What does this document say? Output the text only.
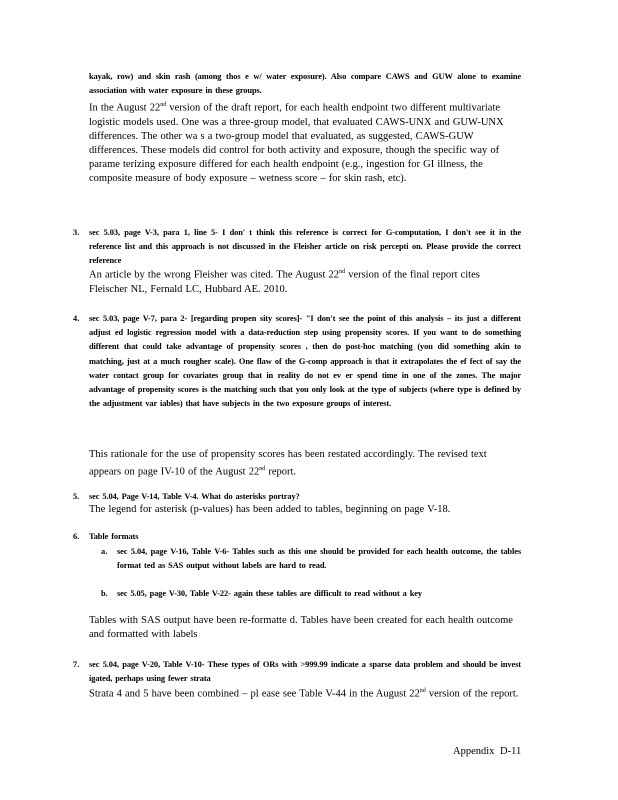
kayak, row) and skin rash (among thos e w/ water exposure). Also compare CAWS and GUW alone to examine association with water exposure in these groups.
In the August 22nd version of the draft report, for each health endpoint two different multivariate logistic models used. One was a three-group model, that evaluated CAWS-UNX and GUW-UNX differences. The other wa s a two-group model that evaluated, as suggested, CAWS-GUW differences. These models did control for both activity and exposure, though the specific way of parame terizing exposure differed for each health endpoint (e.g., ingestion for GI illness, the composite measure of body exposure – wetness score – for skin rash, etc).
3. sec 5.03, page V-3, para 1, line 5- I don' t think this reference is correct for G-computation, I don't see it in the reference list and this approach is not discussed in the Fleisher article on risk percepti on. Please provide the correct reference
An article by the wrong Fleisher was cited. The August 22nd version of the final report cites Fleischer NL, Fernald LC, Hubbard AE. 2010.
4. sec 5.03, page V-7, para 2- [regarding propen sity scores]- "I don't see the point of this analysis – its just a different adjust ed logistic regression model with a data-reduction step using propensity scores. If you want to do something different that could take advantage of propensity scores , then do post-hoc matching (you did something akin to matching, just at a much rougher scale). One flaw of the G-comp approach is that it extrapolates the ef fect of say the water contact group for covariates group that in reality do not ev er spend time in one of the zones. The major advantage of propensity scores is the matching such that you only look at the type of subjects (where type is defined by the adjustment var iables) that have subjects in the two exposure groups of interest.
This rationale for the use of propensity scores has been restated accordingly. The revised text appears on page IV-10 of the August 22nd report.
5. sec 5.04, Page V-14, Table V-4. What do asterisks portray?
The legend for asterisk (p-values) has been added to tables, beginning on page V-18.
6. Table formats
a. sec 5.04, page V-16, Table V-6- Tables such as this one should be provided for each health outcome, the tables format ted as SAS output without labels are hard to read.
b. sec 5.05, page V-30, Table V-22- again these tables are difficult to read without a key
Tables with SAS output have been re-formatte d. Tables have been created for each health outcome and formatted with labels
7. sec 5.04, page V-20, Table V-10- These types of ORs with >999.99 indicate a sparse data problem and should be invest igated, perhaps using fewer strata
Strata 4 and 5 have been combined – pl ease see Table V-44 in the August 22nd version of the report.
Appendix D-11
